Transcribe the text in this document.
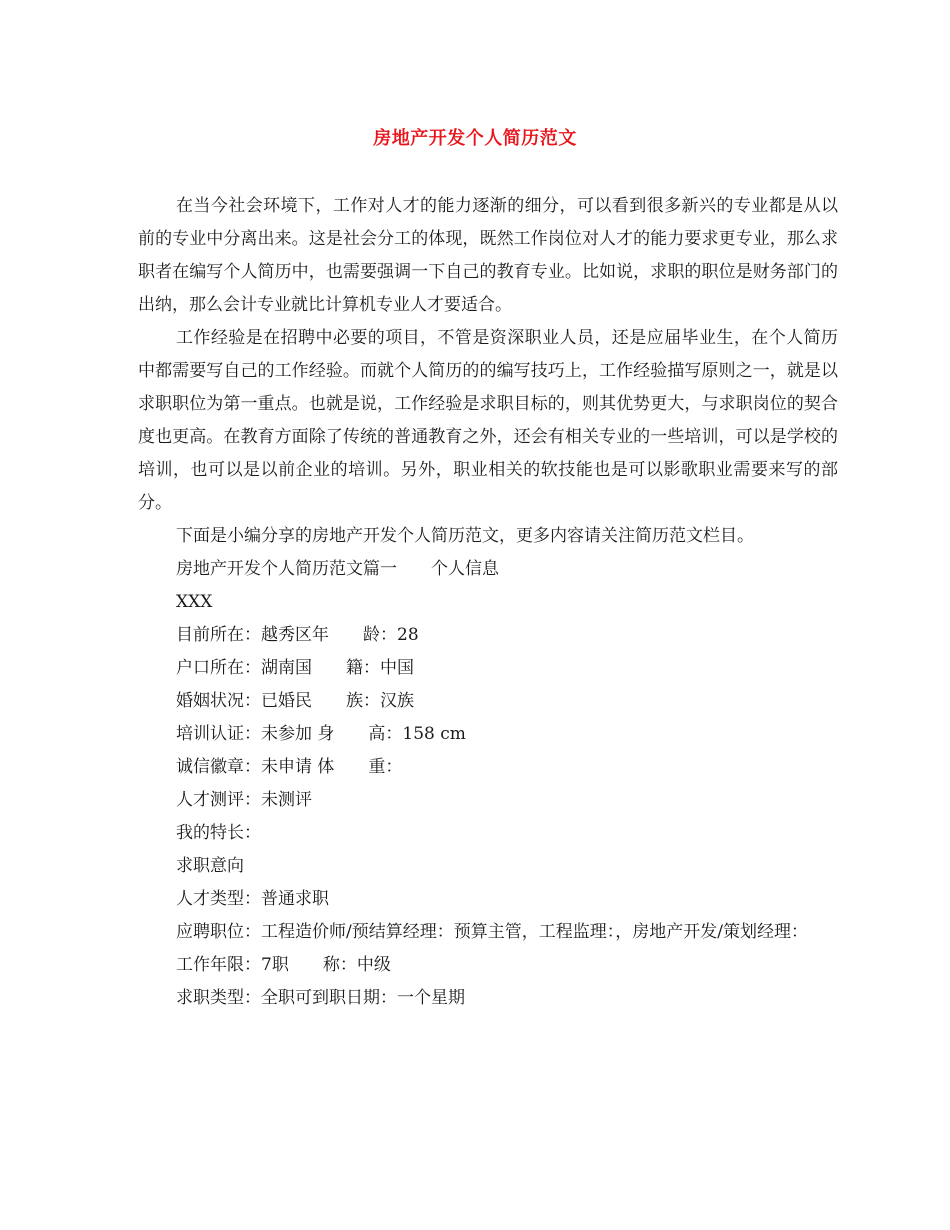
房地产开发个人简历范文

在当今社会环境下，工作对人才的能力逐渐的细分，可以看到很多新兴的专业都是从以前的专业中分离出来。这是社会分工的体现，既然工作岗位对人才的能力要求更专业，那么求职者在编写个人简历中，也需要强调一下自己的教育专业。比如说，求职的职位是财务部门的出纳，那么会计专业就比计算机专业人才要适合。

工作经验是在招聘中必要的项目，不管是资深职业人员，还是应届毕业生，在个人简历中都需要写自己的工作经验。而就个人简历的的编写技巧上，工作经验描写原则之一，就是以求职职位为第一重点。也就是说，工作经验是求职目标的，则其优势更大，与求职岗位的契合度也更高。在教育方面除了传统的普通教育之外，还会有相关专业的一些培训，可以是学校的培训，也可以是以前企业的培训。另外，职业相关的软技能也是可以影歌职业需要来写的部分。

下面是小编分享的房地产开发个人简历范文，更多内容请关注简历范文栏目。

房地产开发个人简历范文篇一　　个人信息

XXX

目前所在：越秀区年　　龄：28

户口所在：湖南国　　籍：中国

婚姻状况：已婚民　　族：汉族

培训认证：未参加 身　　高：158 cm

诚信徽章：未申请 体　　重：

人才测评：未测评

我的特长：

求职意向

人才类型：普通求职

应聘职位：工程造价师/预结算经理：预算主管，工程监理：，房地产开发/策划经理：

工作年限：7职　　称：中级

求职类型：全职可到职日期：一个星期
